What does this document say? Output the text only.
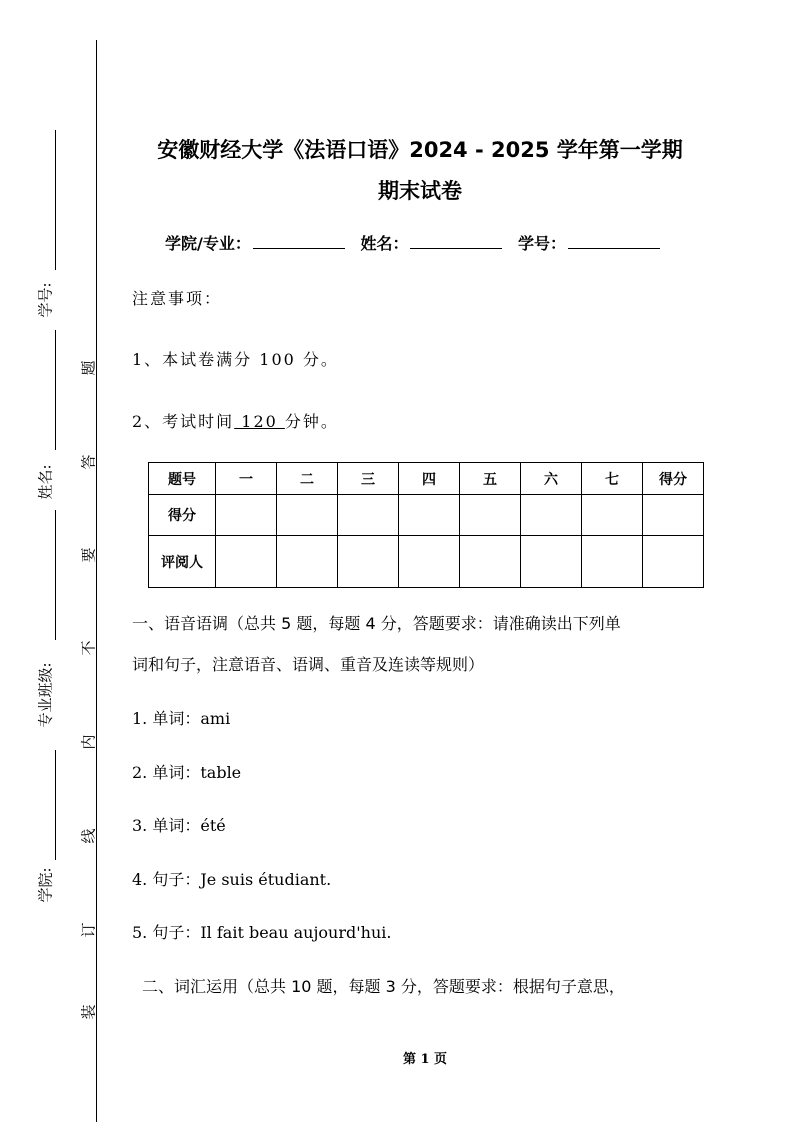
学号:
姓名:
专业班级:
学院:
题
答
要
不
内
线
订
装
安徽财经大学《法语口语》2024 - 2025 学年第一学期
期末试卷
学院/专业：	姓名：	学号：
注意事项：
1、本试卷满分 100 分。
2、考试时间 120 分钟。
题号	一	二	三	四	五	六	七	得分
得分								
评阅人								
一、语音语调（总共 5 题，每题 4 分，答题要求：请准确读出下列单
词和句子，注意语音、语调、重音及连读等规则）
1. 单词：ami
2. 单词：table
3. 单词：été
4. 句子：Je suis étudiant.
5. 句子：Il fait beau aujourd'hui.
二、词汇运用（总共 10 题，每题 3 分，答题要求：根据句子意思，
第 1 页
